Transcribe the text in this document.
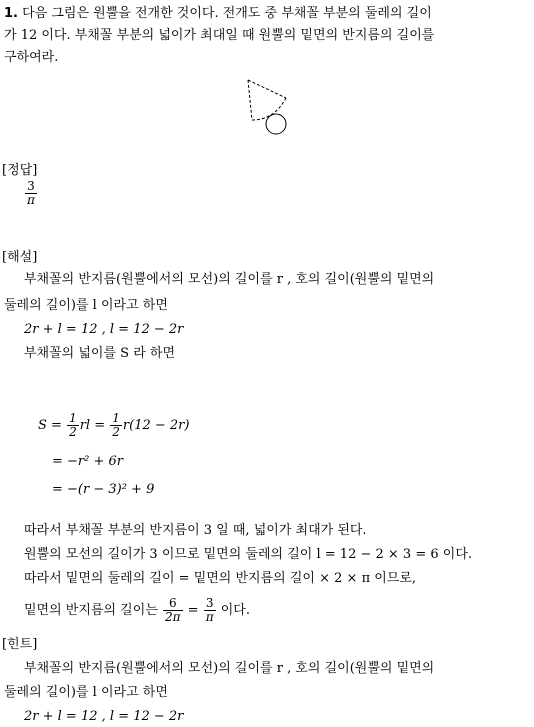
1. 다음 그림은 원뿔을 전개한 것이다. 전개도 중 부채꼴 부분의 둘레의 길이
가 12 이다. 부채꼴 부분의 넓이가 최대일 때 원뿔의 밑면의 반지름의 길이를
구하여라.
[정답]
$\frac{3}{\pi}$
[해설]
부채꼴의 반지름(원뿔에서의 모선)의 길이를 r , 호의 길이(원뿔의 밑면의
둘레의 길이)를 l 이라고 하면
2r + l = 12 , l = 12 − 2r
부채꼴의 넓이를 S 라 하면
$S = \frac{1}{2}$ rl = $\frac{1}{2} r(12 - 2r)$
= −r² + 6r
= −(r − 3)² + 9
따라서 부채꼴 부분의 반지름이 3 일 때, 넓이가 최대가 된다.
원뿔의 모선의 길이가 3 이므로 밑면의 둘레의 길이 l = 12 − 2 × 3 = 6 이다.
따라서 밑면의 둘레의 길이 = 밑면의 반지름의 길이 × 2 × π 이므로,
밑면의 반지름의 길이는 $\frac{6}{2\pi} = \frac{3}{\pi}$ 이다.
[힌트]
부채꼴의 반지름(원뿔에서의 모선)의 길이를 r , 호의 길이(원뿔의 밑면의
둘레의 길이)를 l 이라고 하면
2r + l = 12 , l = 12 − 2r
